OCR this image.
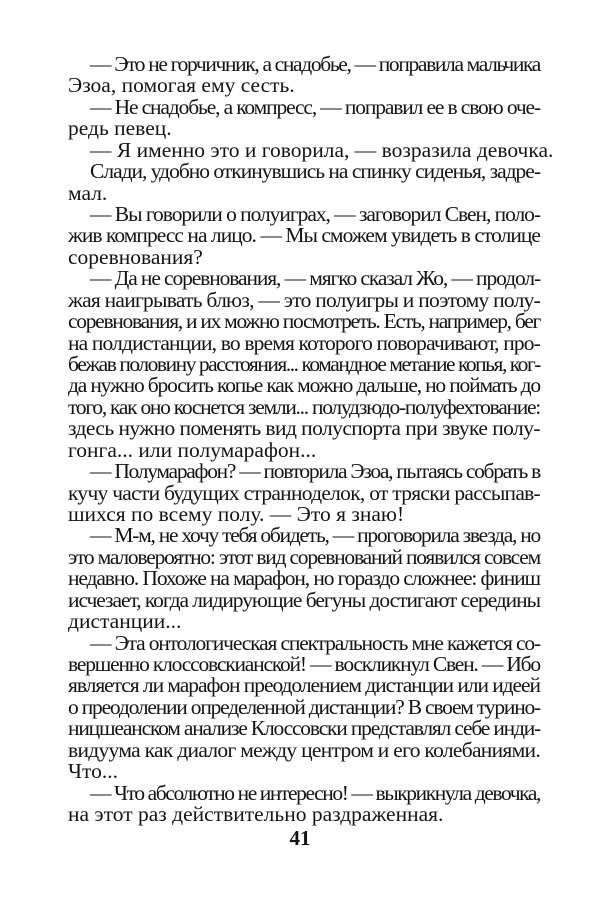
— Это не горчичник, а снадобье, — поправила мальчика
Эзоа, помогая ему сесть.
— Не снадобье, а компресс, — поправил ее в свою оче-
редь певец.
— Я именно это и говорила, — возразила девочка.
Слади, удобно откинувшись на спинку сиденья, задре-
мал.
— Вы говорили о полуиграх, — заговорил Свен, поло-
жив компресс на лицо. — Мы сможем увидеть в столице
соревнования?
— Да не соревнования, — мягко сказал Жо, — продол-
жая наигрывать блюз, — это полуигры и поэтому полу-
соревнования, и их можно посмотреть. Есть, например, бег
на полдистанции, во время которого поворачивают, про-
бежав половину расстояния... командное метание копья, ког-
да нужно бросить копье как можно дальше, но поймать до
того, как оно коснется земли... полудзюдо-полуфехтование:
здесь нужно поменять вид полуспорта при звуке полу-
гонга... или полумарафон...
— Полумарафон? — повторила Эзоа, пытаясь собрать в
кучу части будущих странноделок, от тряски рассыпав-
шихся по всему полу. — Это я знаю!
— М-м, не хочу тебя обидеть, — проговорила звезда, но
это маловероятно: этот вид соревнований появился совсем
недавно. Похоже на марафон, но гораздо сложнее: финиш
исчезает, когда лидирующие бегуны достигают середины
дистанции...
— Эта онтологическая спектральность мне кажется со-
вершенно клоссовскианской! — воскликнул Свен. — Ибо
является ли марафон преодолением дистанции или идеей
о преодолении определенной дистанции? В своем турино-
ницшеанском анализе Клоссовски представлял себе инди-
видуума как диалог между центром и его колебаниями.
Что...
— Что абсолютно не интересно! — выкрикнула девочка,
на этот раз действительно раздраженная.
41
